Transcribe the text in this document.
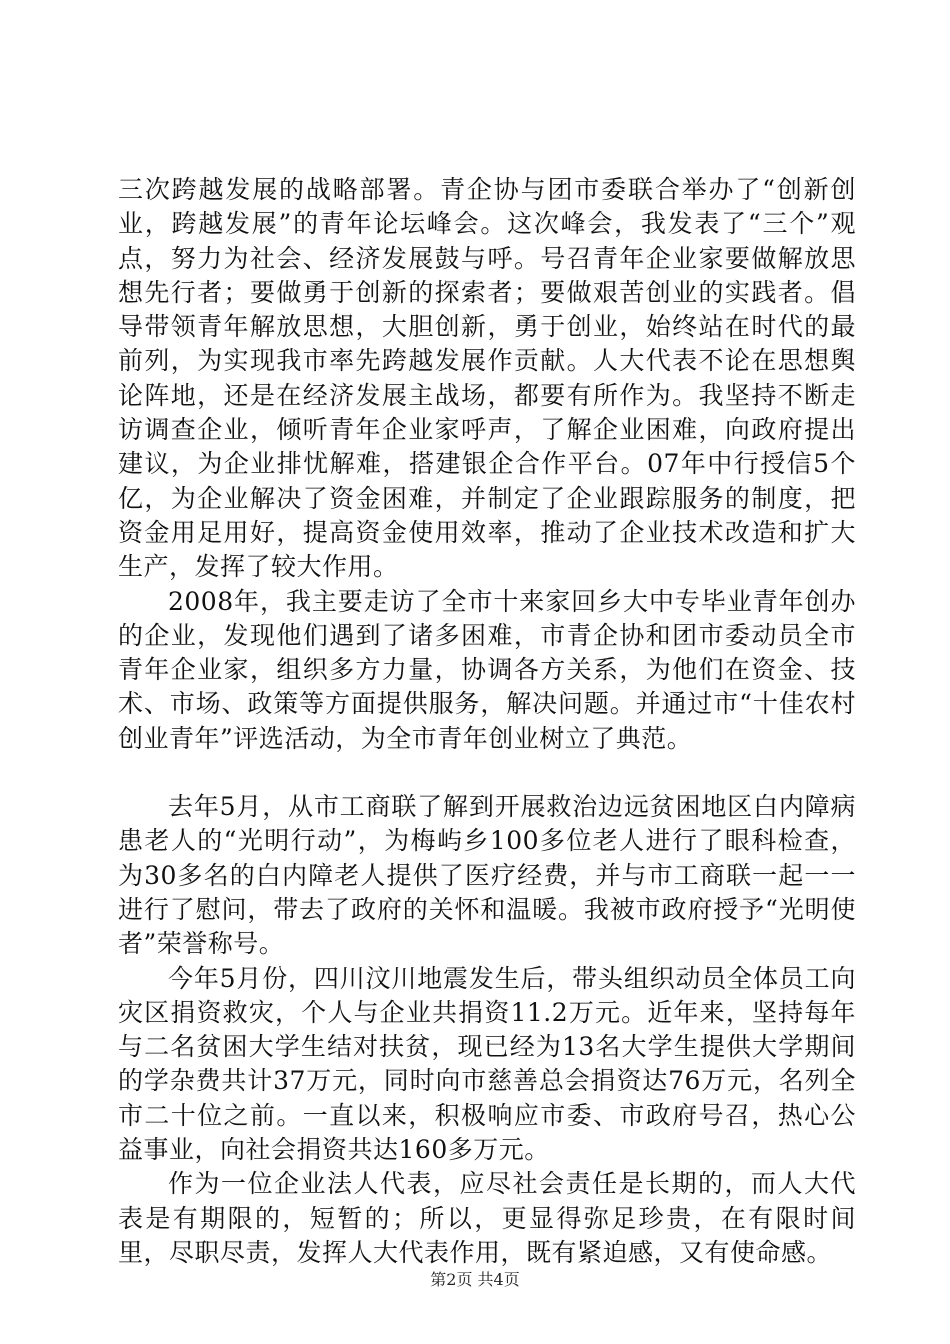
三次跨越发展的战略部署。青企协与团市委联合举办了“创新创业，跨越发展”的青年论坛峰会。这次峰会，我发表了“三个”观点，努力为社会、经济发展鼓与呼。号召青年企业家要做解放思想先行者；要做勇于创新的探索者；要做艰苦创业的实践者。倡导带领青年解放思想，大胆创新，勇于创业，始终站在时代的最前列，为实现我市率先跨越发展作贡献。人大代表不论在思想舆论阵地，还是在经济发展主战场，都要有所作为。我坚持不断走访调查企业，倾听青年企业家呼声，了解企业困难，向政府提出建议，为企业排忧解难，搭建银企合作平台。07年中行授信5个亿，为企业解决了资金困难，并制定了企业跟踪服务的制度，把资金用足用好，提高资金使用效率，推动了企业技术改造和扩大生产，发挥了较大作用。

2008年，我主要走访了全市十来家回乡大中专毕业青年创办的企业，发现他们遇到了诸多困难，市青企协和团市委动员全市青年企业家，组织多方力量，协调各方关系，为他们在资金、技术、市场、政策等方面提供服务，解决问题。并通过市“十佳农村创业青年”评选活动，为全市青年创业树立了典范。

去年5月，从市工商联了解到开展救治边远贫困地区白内障病患老人的“光明行动”，为梅屿乡100多位老人进行了眼科检查，为30多名的白内障老人提供了医疗经费，并与市工商联一起一一进行了慰问，带去了政府的关怀和温暖。我被市政府授予“光明使者”荣誉称号。

今年5月份，四川汶川地震发生后，带头组织动员全体员工向灾区捐资救灾，个人与企业共捐资11.2万元。近年来，坚持每年与二名贫困大学生结对扶贫，现已经为13名大学生提供大学期间的学杂费共计37万元，同时向市慈善总会捐资达76万元，名列全市二十位之前。一直以来，积极响应市委、市政府号召，热心公益事业，向社会捐资共达160多万元。

作为一位企业法人代表，应尽社会责任是长期的，而人大代表是有期限的，短暂的；所以，更显得弥足珍贵，在有限时间里，尽职尽责，发挥人大代表作用，既有紧迫感，又有使命感。

第2页 共4页
